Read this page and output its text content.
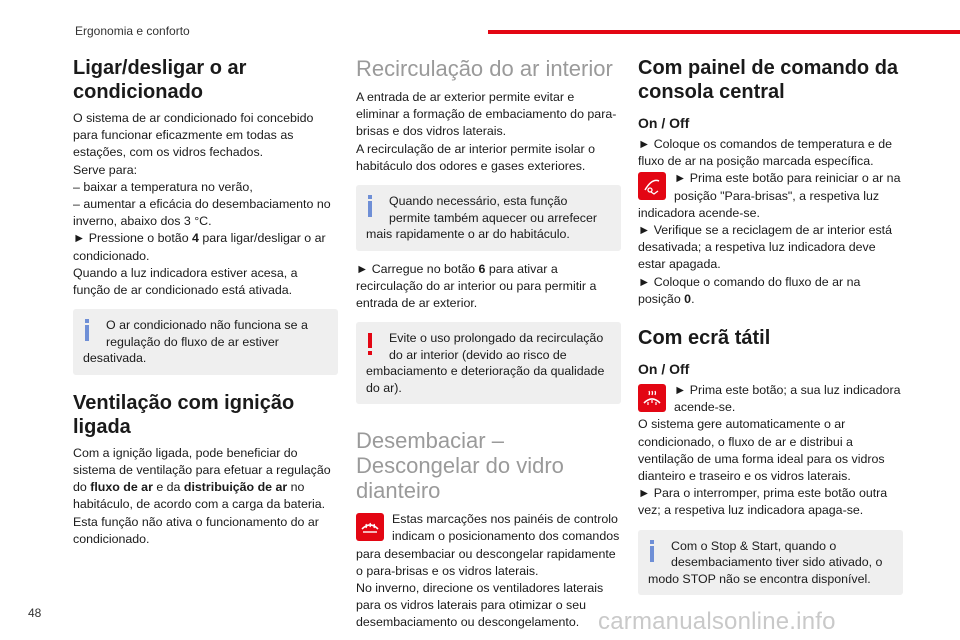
Ergonomia e conforto
Ligar/desligar o ar condicionado

O sistema de ar condicionado foi concebido para funcionar eficazmente em todas as estações, com os vidros fechados.

Serve para:

– baixar a temperatura no verão,

– aumentar a eficácia do desembaciamento no inverno, abaixo dos 3 °C.

► Pressione o botão 4 para ligar/desligar o ar condicionado.

Quando a luz indicadora estiver acesa, a função de ar condicionado está ativada.

O ar condicionado não funciona se a regulação do fluxo de ar estiver desativada.
Ventilação com ignição ligada

Com a ignição ligada, pode beneficiar do sistema de ventilação para efetuar a regulação do fluxo de ar e da distribuição de ar no habitáculo, de acordo com a carga da bateria.

Esta função não ativa o funcionamento do ar condicionado.

Recirculação do ar interior

A entrada de ar exterior permite evitar e eliminar a formação de embaciamento do para-brisas e dos vidros laterais.

A recirculação de ar interior permite isolar o habitáculo dos odores e gases exteriores.

Quando necessário, esta função permite também aquecer ou arrefecer mais rapidamente o ar do habitáculo.

► Carregue no botão 6 para ativar a recirculação do ar interior ou para permitir a entrada de ar exterior.

Evite o uso prolongado da recirculação do ar interior (devido ao risco de embaciamento e deterioração da qualidade do ar).
Desembaciar – Descongelar do vidro dianteiro

Estas marcações nos painéis de controlo indicam o posicionamento dos comandos para desembaciar ou descongelar rapidamente o para-brisas e os vidros laterais.

No inverno, direcione os ventiladores laterais para os vidros laterais para otimizar o seu desembaciamento ou descongelamento.

Com painel de comando da consola central
On / Off

► Coloque os comandos de temperatura e de fluxo de ar na posição marcada específica.

► Prima este botão para reiniciar o ar na posição "Para-brisas", a respetiva luz indicadora acende-se.

► Verifique se a reciclagem de ar interior está desativada; a respetiva luz indicadora deve estar apagada.

► Coloque o comando do fluxo de ar na posição 0.

Com ecrã tátil
On / Off

► Prima este botão; a sua luz indicadora acende-se.

O sistema gere automaticamente o ar condicionado, o fluxo de ar e distribui a ventilação de uma forma ideal para os vidros dianteiro e traseiro e os vidros laterais.

► Para o interromper, prima este botão outra vez; a respetiva luz indicadora apaga-se.

Com o Stop & Start, quando o desembaciamento tiver sido ativado, o modo STOP não se encontra disponível.
48	carmanualsonline.info
